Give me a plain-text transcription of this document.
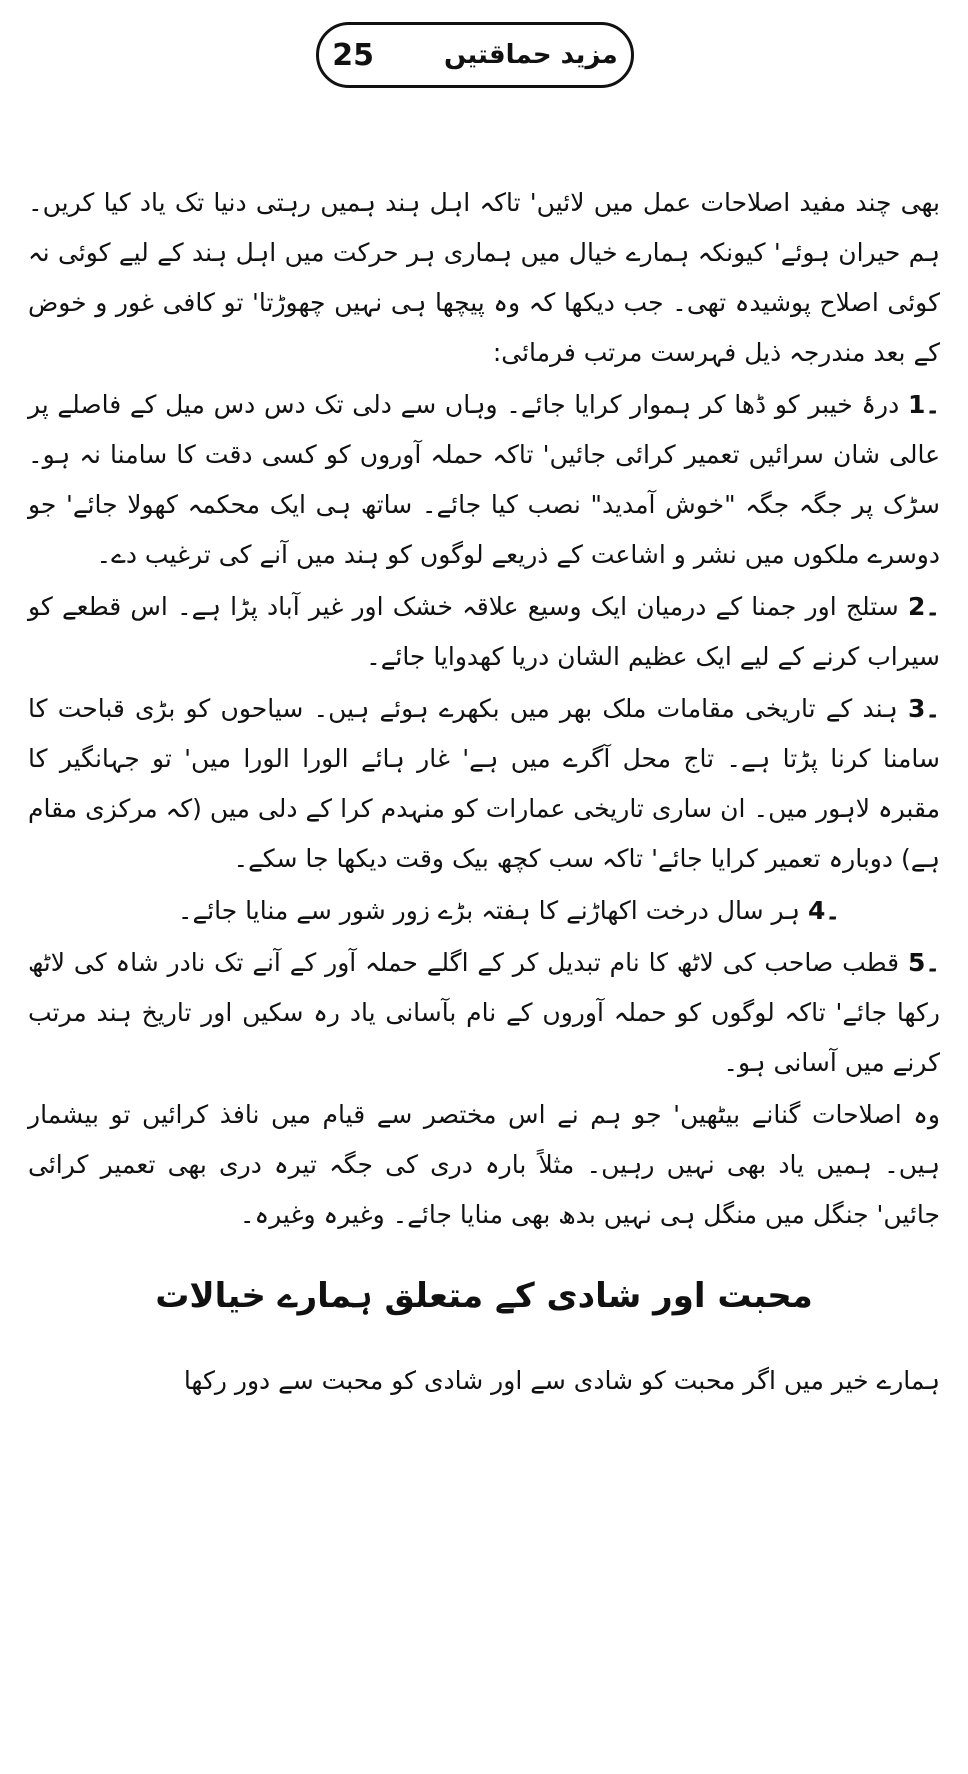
25	مزید حماقتیں

بھی چند مفید اصلاحات عمل میں لائیں' تاکہ اہل ہند ہمیں رہتی دنیا تک یاد کیا کریں۔ ہم حیران ہوئے' کیونکہ ہمارے خیال میں ہماری ہر حرکت میں اہل ہند کے لیے کوئی نہ کوئی اصلاح پوشیدہ تھی۔ جب دیکھا کہ وہ پیچھا ہی نہیں چھوڑتا' تو کافی غور و خوض کے بعد مندرجہ ذیل فہرست مرتب فرمائی:

1۔ درۂ خیبر کو ڈھا کر ہموار کرایا جائے۔ وہاں سے دلی تک دس دس میل کے فاصلے پر عالی شان سرائیں تعمیر کرائی جائیں' تاکہ حملہ آوروں کو کسی دقت کا سامنا نہ ہو۔ سڑک پر جگہ جگہ "خوش آمدید" نصب کیا جائے۔ ساتھ ہی ایک محکمہ کھولا جائے' جو دوسرے ملکوں میں نشر و اشاعت کے ذریعے لوگوں کو ہند میں آنے کی ترغیب دے۔

2۔ ستلج اور جمنا کے درمیان ایک وسیع علاقہ خشک اور غیر آباد پڑا ہے۔ اس قطعے کو سیراب کرنے کے لیے ایک عظیم الشان دریا کھدوایا جائے۔

3۔ ہند کے تاریخی مقامات ملک بھر میں بکھرے ہوئے ہیں۔ سیاحوں کو بڑی قباحت کا سامنا کرنا پڑتا ہے۔ تاج محل آگرے میں ہے' غار ہائے الورا الورا میں' تو جہانگیر کا مقبرہ لاہور میں۔ ان ساری تاریخی عمارات کو منہدم کرا کے دلی میں (کہ مرکزی مقام ہے) دوبارہ تعمیر کرایا جائے' تاکہ سب کچھ بیک وقت دیکھا جا سکے۔

4۔ ہر سال درخت اکھاڑنے کا ہفتہ بڑے زور شور سے منایا جائے۔

5۔ قطب صاحب کی لاٹھ کا نام تبدیل کر کے اگلے حملہ آور کے آنے تک نادر شاہ کی لاٹھ رکھا جائے' تاکہ لوگوں کو حملہ آوروں کے نام بآسانی یاد رہ سکیں اور تاریخ ہند مرتب کرنے میں آسانی ہو۔

وہ اصلاحات گنانے بیٹھیں' جو ہم نے اس مختصر سے قیام میں نافذ کرائیں تو بیشمار ہیں۔ ہمیں یاد بھی نہیں رہیں۔ مثلاً بارہ دری کی جگہ تیرہ دری بھی تعمیر کرائی جائیں' جنگل میں منگل ہی نہیں بدھ بھی منایا جائے۔ وغیرہ وغیرہ۔

محبت اور شادی کے متعلق ہمارے خیالات

ہمارے خیر میں اگر محبت کو شادی سے اور شادی کو محبت سے دور رکھا
